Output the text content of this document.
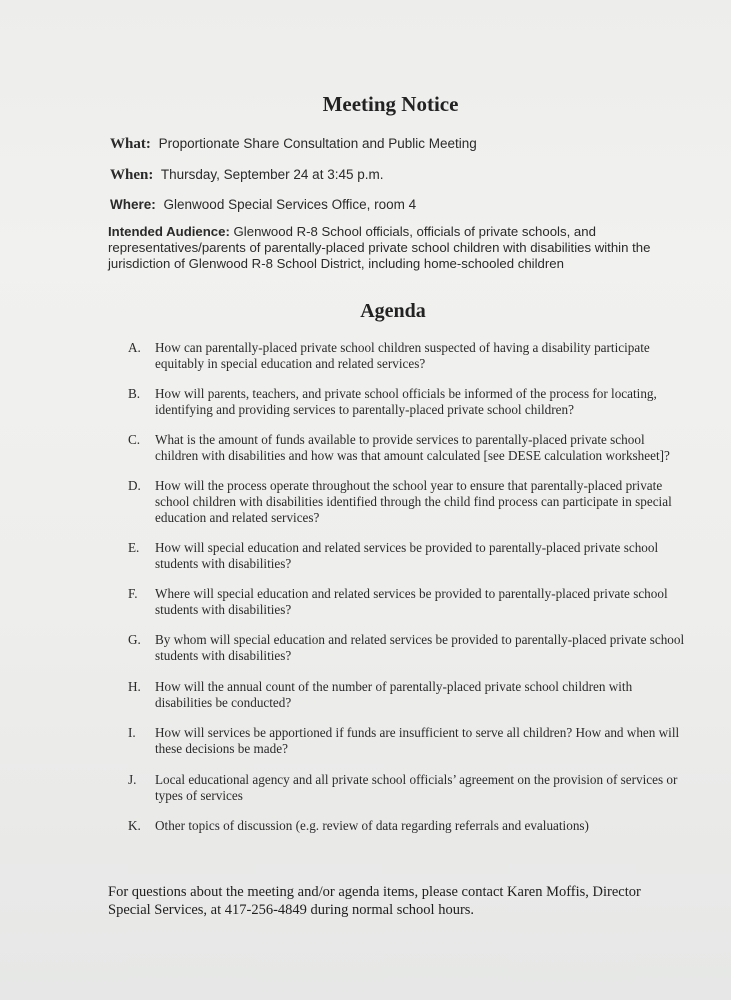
Meeting Notice
What: Proportionate Share Consultation and Public Meeting
When: Thursday, September 24 at 3:45 p.m.
Where: Glenwood Special Services Office, room 4
Intended Audience: Glenwood R-8 School officials, officials of private schools, and representatives/parents of parentally-placed private school children with disabilities within the jurisdiction of Glenwood R-8 School District, including home-schooled children
Agenda
A.	How can parentally-placed private school children suspected of having a disability participate equitably in special education and related services?
B.	How will parents, teachers, and private school officials be informed of the process for locating, identifying and providing services to parentally-placed private school children?
C.	What is the amount of funds available to provide services to parentally-placed private school children with disabilities and how was that amount calculated [see DESE calculation worksheet]?
D.	How will the process operate throughout the school year to ensure that parentally-placed private school children with disabilities identified through the child find process can participate in special education and related services?
E.	How will special education and related services be provided to parentally-placed private school students with disabilities?
F.	Where will special education and related services be provided to parentally-placed private school students with disabilities?
G.	By whom will special education and related services be provided to parentally-placed private school students with disabilities?
H.	How will the annual count of the number of parentally-placed private school children with disabilities be conducted?
I.	How will services be apportioned if funds are insufficient to serve all children? How and when will these decisions be made?
J.	Local educational agency and all private school officials’ agreement on the provision of services or types of services
K.	Other topics of discussion (e.g. review of data regarding referrals and evaluations)
For questions about the meeting and/or agenda items, please contact Karen Moffis, Director Special Services, at 417-256-4849 during normal school hours.
